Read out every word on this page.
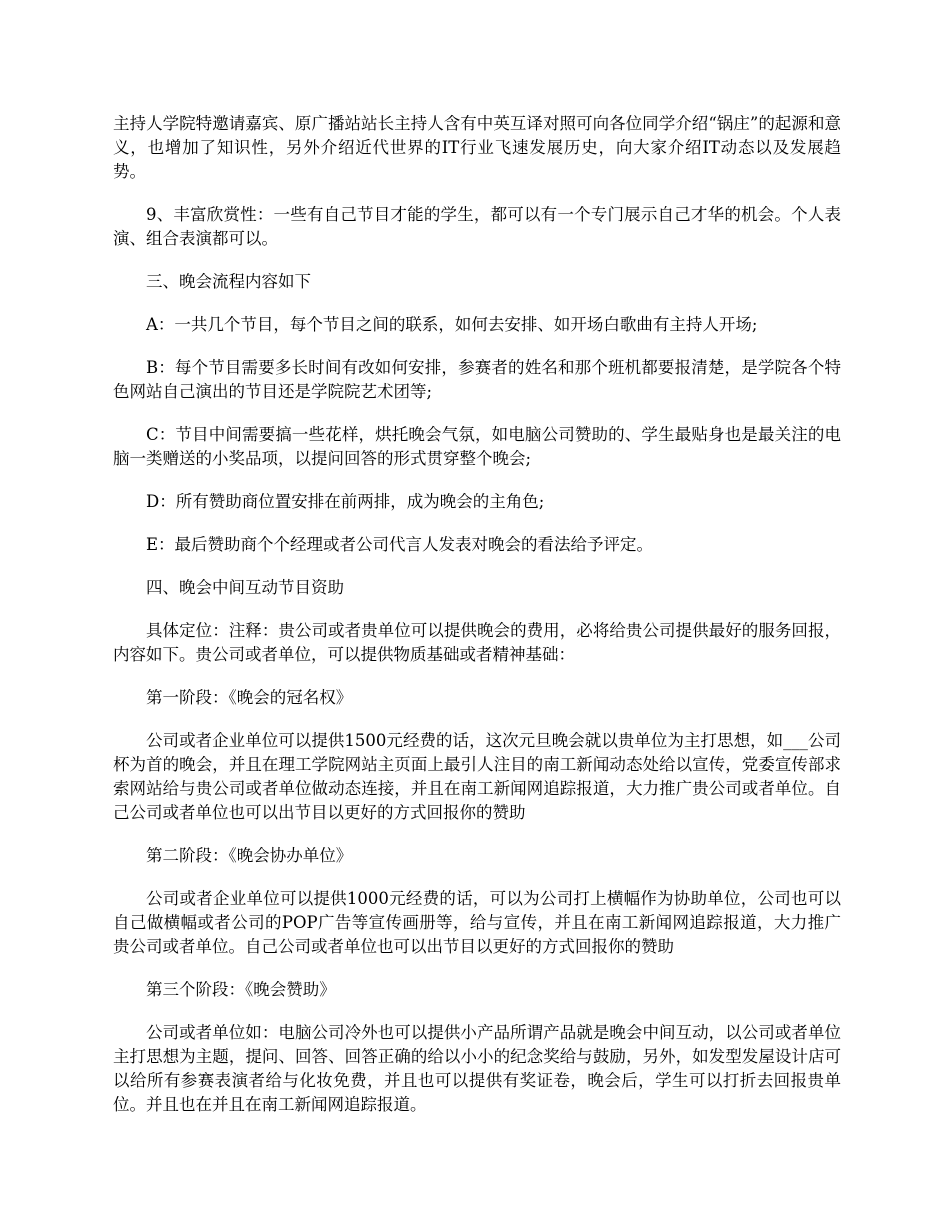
主持人学院特邀请嘉宾、原广播站站长主持人含有中英互译对照可向各位同学介绍“锅庄”的起源和意义，也增加了知识性，另外介绍近代世界的IT行业飞速发展历史，向大家介绍IT动态以及发展趋势。

9、丰富欣赏性：一些有自己节目才能的学生，都可以有一个专门展示自己才华的机会。个人表演、组合表演都可以。

三、晚会流程内容如下

A：一共几个节目，每个节目之间的联系，如何去安排、如开场白歌曲有主持人开场;

B：每个节目需要多长时间有改如何安排，参赛者的姓名和那个班机都要报清楚，是学院各个特色网站自己演出的节目还是学院院艺术团等;

C：节目中间需要搞一些花样，烘托晚会气氛，如电脑公司赞助的、学生最贴身也是最关注的电脑一类赠送的小奖品项，以提问回答的形式贯穿整个晚会;

D：所有赞助商位置安排在前两排，成为晚会的主角色;

E：最后赞助商个个经理或者公司代言人发表对晚会的看法给予评定。

四、晚会中间互动节目资助

具体定位：注释：贵公司或者贵单位可以提供晚会的费用，必将给贵公司提供最好的服务回报，内容如下。贵公司或者单位，可以提供物质基础或者精神基础：

第一阶段：《晚会的冠名权》

公司或者企业单位可以提供1500元经费的话，这次元旦晚会就以贵单位为主打思想，如___公司杯为首的晚会，并且在理工学院网站主页面上最引人注目的南工新闻动态处给以宣传，党委宣传部求索网站给与贵公司或者单位做动态连接，并且在南工新闻网追踪报道，大力推广贵公司或者单位。自己公司或者单位也可以出节目以更好的方式回报你的赞助

第二阶段：《晚会协办单位》

公司或者企业单位可以提供1000元经费的话，可以为公司打上横幅作为协助单位，公司也可以自己做横幅或者公司的POP广告等宣传画册等，给与宣传，并且在南工新闻网追踪报道，大力推广贵公司或者单位。自己公司或者单位也可以出节目以更好的方式回报你的赞助

第三个阶段：《晚会赞助》

公司或者单位如：电脑公司冷外也可以提供小产品所谓产品就是晚会中间互动，以公司或者单位主打思想为主题，提问、回答、回答正确的给以小小的纪念奖给与鼓励，另外，如发型发屋设计店可以给所有参赛表演者给与化妆免费，并且也可以提供有奖证卷，晚会后，学生可以打折去回报贵单位。并且也在并且在南工新闻网追踪报道。
